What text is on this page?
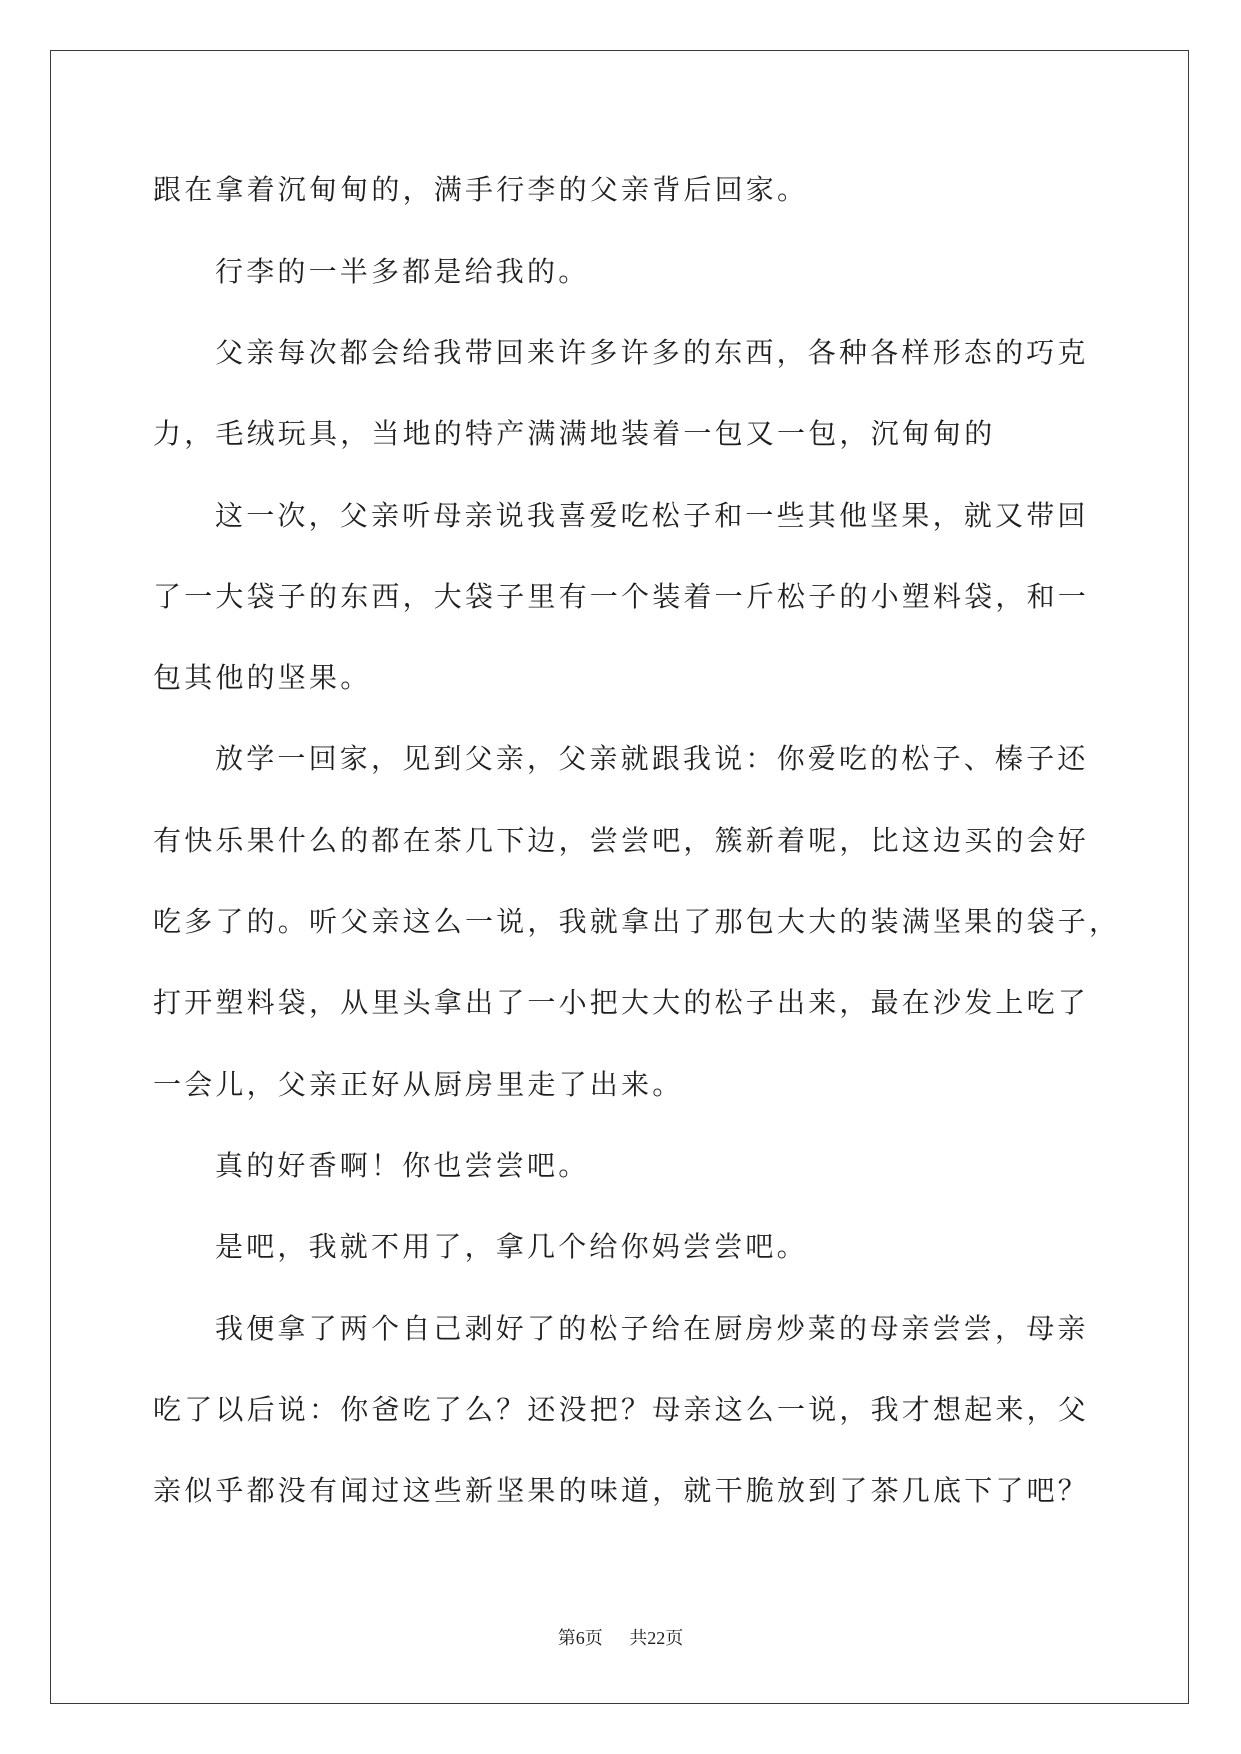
跟在拿着沉甸甸的，满手行李的父亲背后回家。
行李的一半多都是给我的。
父亲每次都会给我带回来许多许多的东西，各种各样形态的巧克
力，毛绒玩具，当地的特产满满地装着一包又一包，沉甸甸的
这一次，父亲听母亲说我喜爱吃松子和一些其他坚果，就又带回
了一大袋子的东西，大袋子里有一个装着一斤松子的小塑料袋，和一
包其他的坚果。
放学一回家，见到父亲，父亲就跟我说：你爱吃的松子、榛子还
有快乐果什么的都在茶几下边，尝尝吧，簇新着呢，比这边买的会好
吃多了的。听父亲这么一说，我就拿出了那包大大的装满坚果的袋子，
打开塑料袋，从里头拿出了一小把大大的松子出来，最在沙发上吃了
一会儿，父亲正好从厨房里走了出来。
真的好香啊！你也尝尝吧。
是吧，我就不用了，拿几个给你妈尝尝吧。
我便拿了两个自己剥好了的松子给在厨房炒菜的母亲尝尝，母亲
吃了以后说：你爸吃了么？还没把？母亲这么一说，我才想起来，父
亲似乎都没有闻过这些新坚果的味道，就干脆放到了茶几底下了吧？
第6页 共22页
